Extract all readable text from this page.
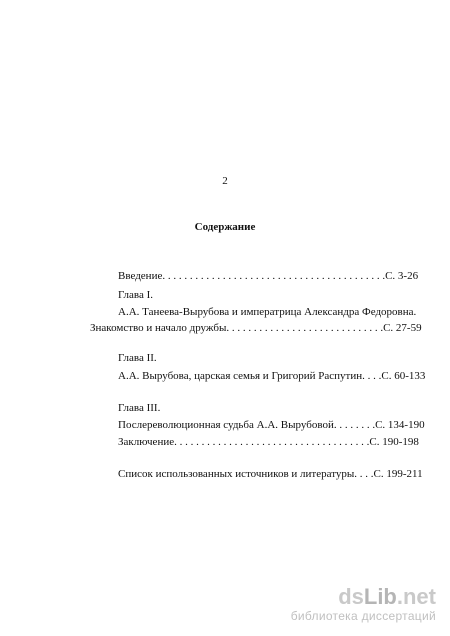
2
Содержание
Введение. . . . . . . . . . . . . . . . . . . . . . . . . . . . . . . . . . . . . . . . .С. 3-26
Глава I.
А.А. Танеева-Вырубова и императрица Александра Федоровна.
Знакомство и начало дружбы. . . . . . . . . . . . . . . . . . . . . . . . . . . . .С. 27-59
Глава II.
А.А. Вырубова, царская семья и Григорий Распутин. . . .С. 60-133
Глава III.
Послереволюционная судьба А.А. Вырубовой. . . . . . . .С. 134-190
Заключение. . . . . . . . . . . . . . . . . . . . . . . . . . . . . . . . . . . .С. 190-198
Список использованных источников и литературы. . . .С. 199-211
dsLib.net
библиотека диссертаций
